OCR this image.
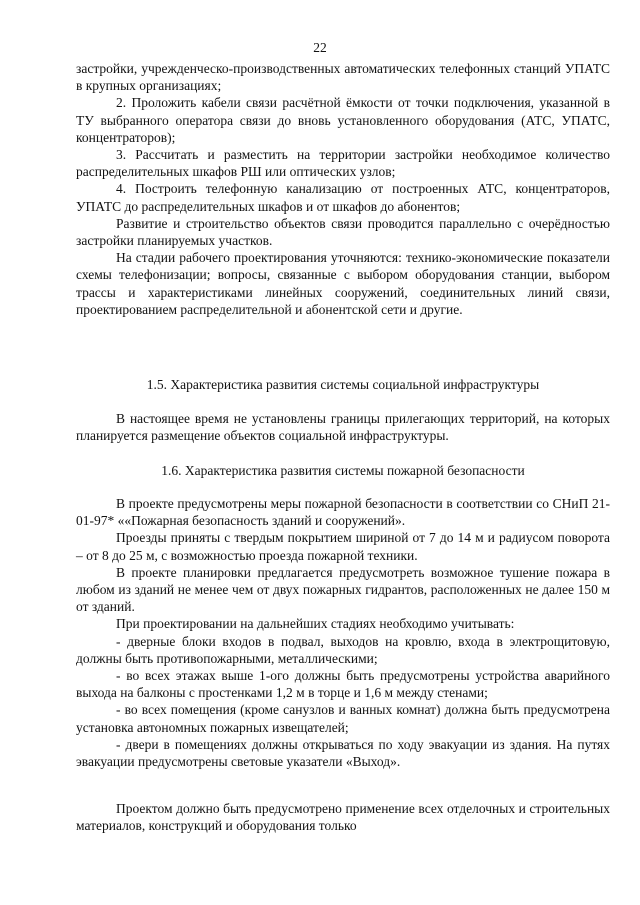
22

застройки, учрежденческо-производственных автоматических телефонных станций УПАТС в крупных организациях;

2. Проложить кабели связи расчётной ёмкости от точки подключения, указанной в ТУ выбранного оператора связи до вновь установленного оборудования (АТС, УПАТС, концентраторов);

3. Рассчитать и разместить на территории застройки необходимое количество распределительных шкафов РШ или оптических узлов;

4. Построить телефонную канализацию от построенных АТС, концентраторов, УПАТС до распределительных шкафов и от шкафов до абонентов;

Развитие и строительство объектов связи проводится параллельно с очерёдностью застройки планируемых участков.

На стадии рабочего проектирования уточняются: технико-экономические показатели схемы телефонизации; вопросы, связанные с выбором оборудования станции, выбором трассы и характеристиками линейных сооружений, соединительных линий связи, проектированием распределительной и абонентской сети и другие.

1.5. Характеристика развития системы социальной инфраструктуры

В настоящее время не установлены границы прилегающих территорий, на которых планируется размещение объектов социальной инфраструктуры.

1.6. Характеристика развития системы пожарной безопасности

В проекте предусмотрены меры пожарной безопасности в соответствии со СНиП 21-01-97* ««Пожарная безопасность зданий и сооружений».

Проезды приняты с твердым покрытием шириной от 7 до 14 м и радиусом поворота – от 8 до 25 м, с возможностью проезда пожарной техники.

В проекте планировки предлагается предусмотреть возможное тушение пожара в любом из зданий не менее чем от двух пожарных гидрантов, расположенных не далее 150 м от зданий.

При проектировании на дальнейших стадиях необходимо учитывать:

- дверные блоки входов в подвал, выходов на кровлю, входа в электрощитовую, должны быть противопожарными, металлическими;

- во всех этажах выше 1-ого должны быть предусмотрены устройства аварийного выхода на балконы с простенками 1,2 м в торце и 1,6 м между стенами;

- во всех помещения (кроме санузлов и ванных комнат) должна быть предусмотрена установка автономных пожарных извещателей;

- двери в помещениях должны открываться по ходу эвакуации из здания. На путях эвакуации предусмотрены световые указатели «Выход».

Проектом должно быть предусмотрено применение всех отделочных и строительных материалов, конструкций и оборудования только
